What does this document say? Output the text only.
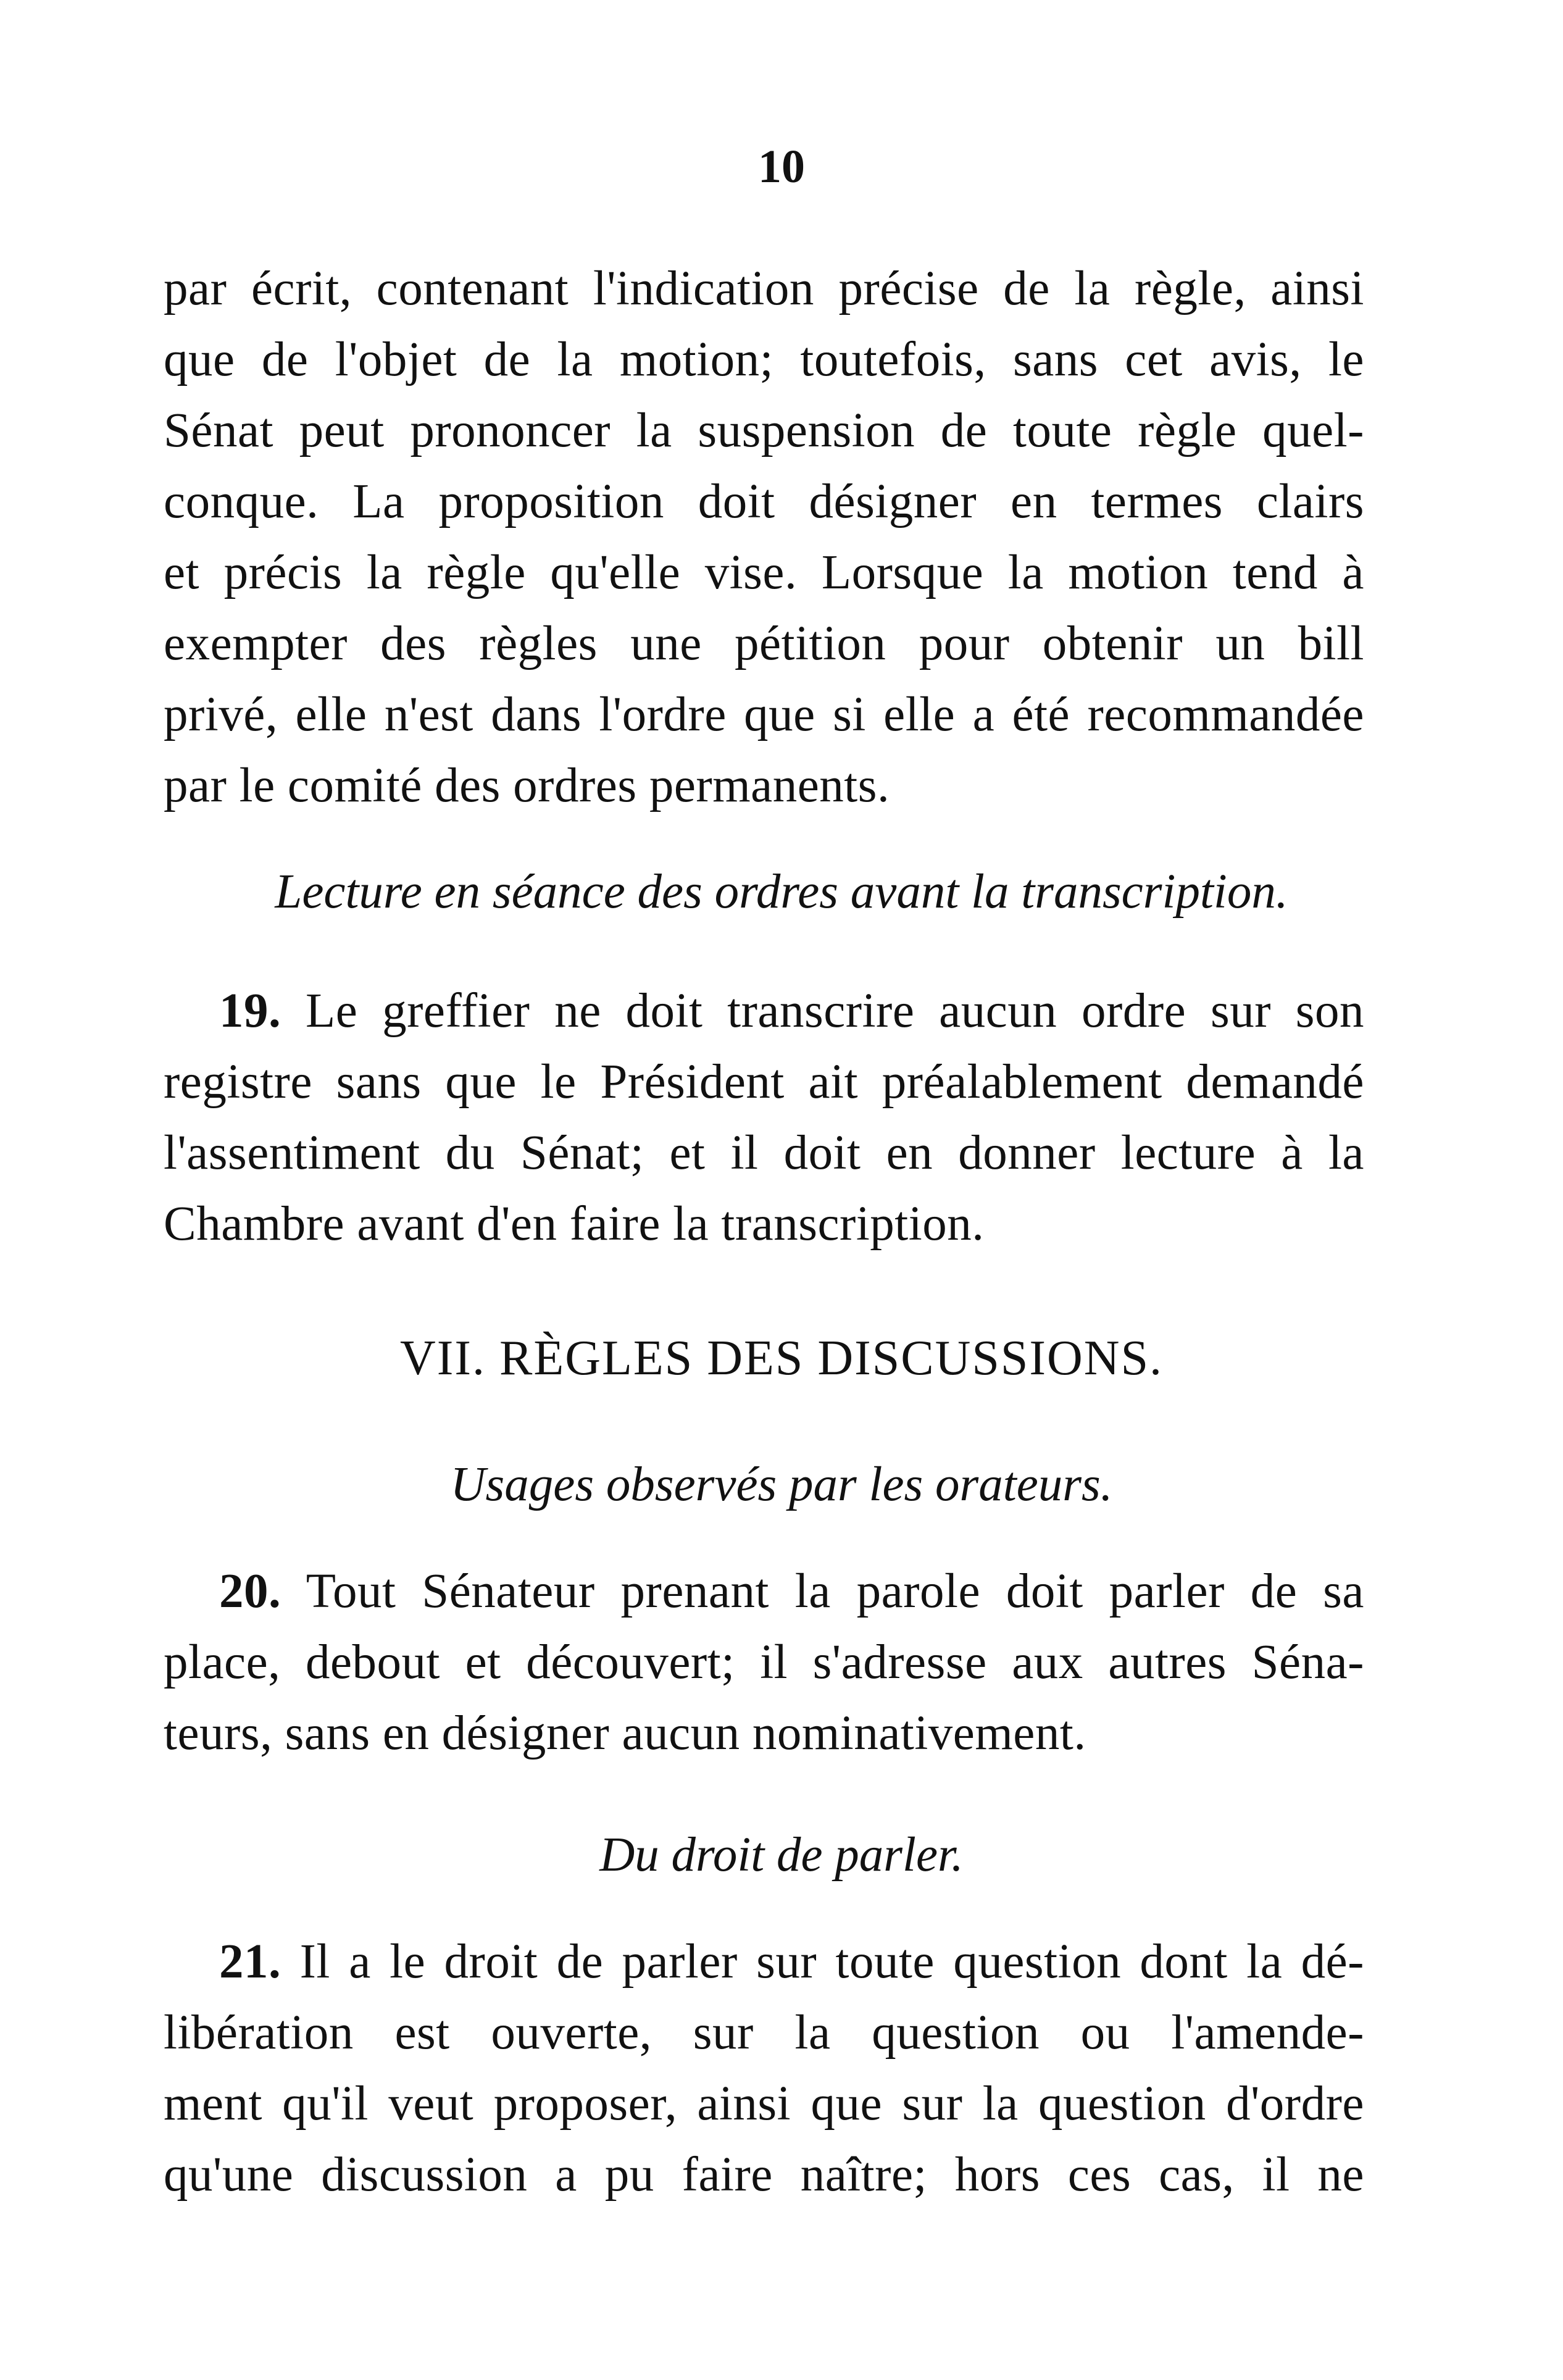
10
par écrit, contenant l'indication précise de la règle, ainsi
que de l'objet de la motion; toutefois, sans cet avis, le
Sénat peut prononcer la suspension de toute règle quel-
conque. La proposition doit désigner en termes clairs
et précis la règle qu'elle vise. Lorsque la motion tend à
exempter des règles une pétition pour obtenir un bill
privé, elle n'est dans l'ordre que si elle a été recommandée
par le comité des ordres permanents.
Lecture en séance des ordres avant la transcription.
19. Le greffier ne doit transcrire aucun ordre sur son
registre sans que le Président ait préalablement demandé
l'assentiment du Sénat; et il doit en donner lecture à la
Chambre avant d'en faire la transcription.
VII. RÈGLES DES DISCUSSIONS.
Usages observés par les orateurs.
20. Tout Sénateur prenant la parole doit parler de sa
place, debout et découvert; il s'adresse aux autres Séna-
teurs, sans en désigner aucun nominativement.
Du droit de parler.
21. Il a le droit de parler sur toute question dont la dé-
libération est ouverte, sur la question ou l'amende-
ment qu'il veut proposer, ainsi que sur la question d'ordre
qu'une discussion a pu faire naître; hors ces cas, il ne
